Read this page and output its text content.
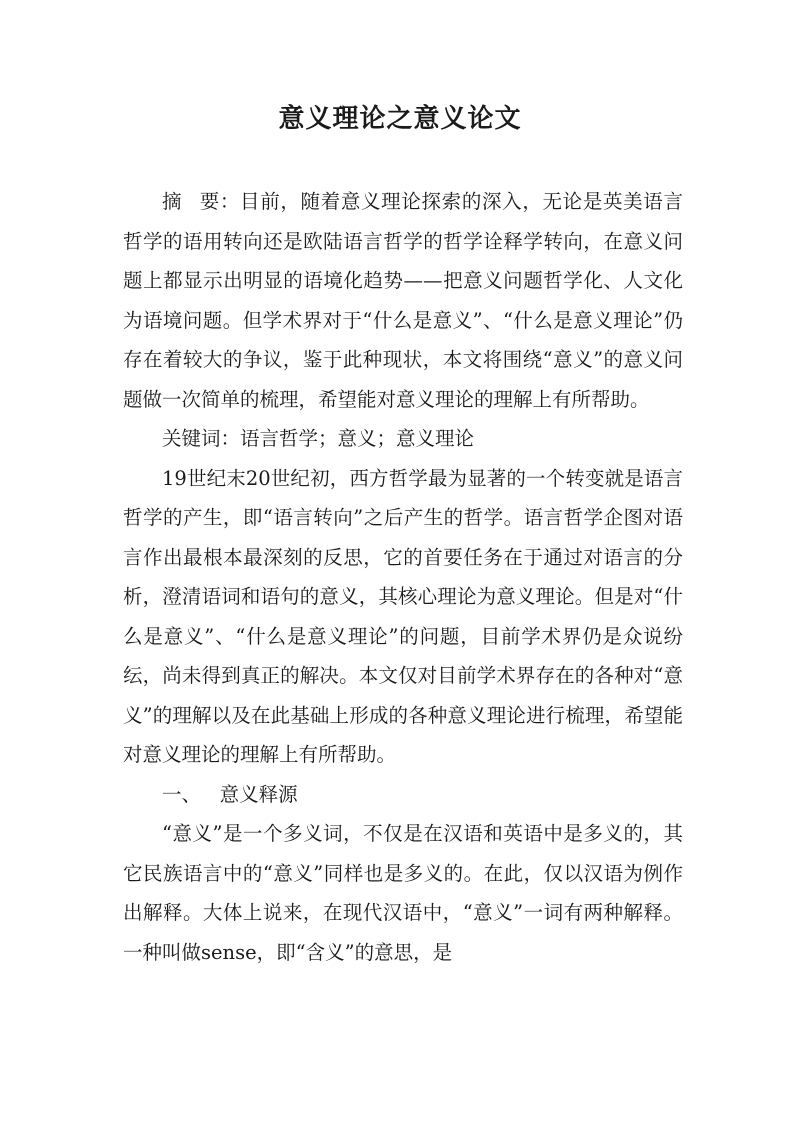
意义理论之意义论文

摘要：目前，随着意义理论探索的深入，无论是英美语言哲学的语用转向还是欧陆语言哲学的哲学诠释学转向，在意义问题上都显示出明显的语境化趋势——把意义问题哲学化、人文化为语境问题。但学术界对于“什么是意义”、“什么是意义理论”仍存在着较大的争议，鉴于此种现状，本文将围绕“意义”的意义问题做一次简单的梳理，希望能对意义理论的理解上有所帮助。

关键词：语言哲学；意义；意义理论

19世纪末20世纪初，西方哲学最为显著的一个转变就是语言哲学的产生，即“语言转向”之后产生的哲学。语言哲学企图对语言作出最根本最深刻的反思，它的首要任务在于通过对语言的分析，澄清语词和语句的意义，其核心理论为意义理论。但是对“什么是意义”、“什么是意义理论”的问题，目前学术界仍是众说纷纭，尚未得到真正的解决。本文仅对目前学术界存在的各种对“意义”的理解以及在此基础上形成的各种意义理论进行梳理，希望能对意义理论的理解上有所帮助。

一、 意义释源

“意义”是一个多义词，不仅是在汉语和英语中是多义的，其它民族语言中的“意义”同样也是多义的。在此，仅以汉语为例作出解释。大体上说来，在现代汉语中，“意义”一词有两种解释。一种叫做sense，即“含义”的意思，是
